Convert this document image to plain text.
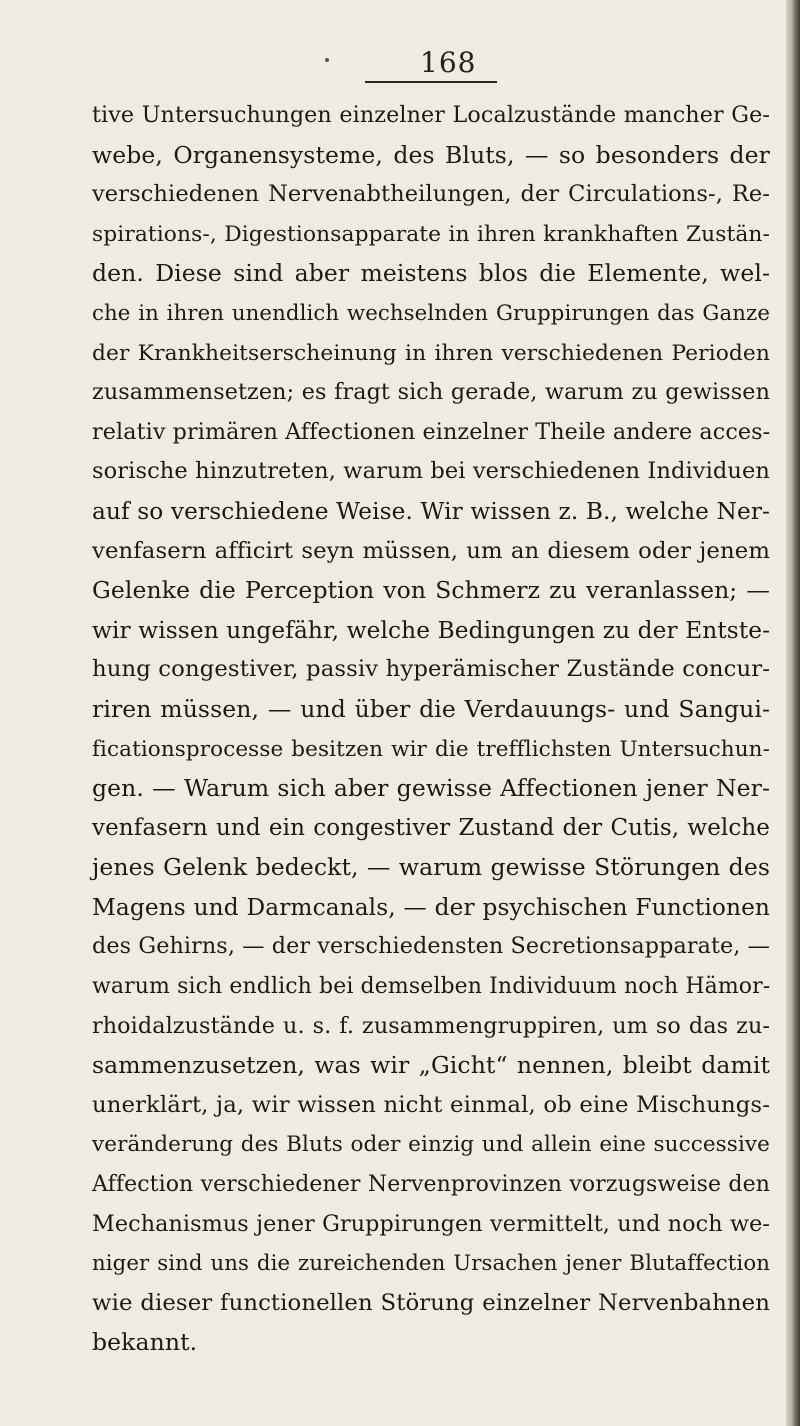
168
tive Untersuchungen einzelner Localzustände mancher Ge-
webe, Organensysteme, des Bluts, — so besonders der
verschiedenen Nervenabtheilungen, der Circulations-, Re-
spirations-, Digestionsapparate in ihren krankhaften Zustän-
den. Diese sind aber meistens blos die Elemente, wel-
che in ihren unendlich wechselnden Gruppirungen das Ganze
der Krankheitserscheinung in ihren verschiedenen Perioden
zusammensetzen; es fragt sich gerade, warum zu gewissen
relativ primären Affectionen einzelner Theile andere acces-
sorische hinzutreten, warum bei verschiedenen Individuen
auf so verschiedene Weise. Wir wissen z. B., welche Ner-
venfasern afficirt seyn müssen, um an diesem oder jenem
Gelenke die Perception von Schmerz zu veranlassen; —
wir wissen ungefähr, welche Bedingungen zu der Entste-
hung congestiver, passiv hyperämischer Zustände concur-
riren müssen, — und über die Verdauungs- und Sangui-
ficationsprocesse besitzen wir die trefflichsten Untersuchun-
gen. — Warum sich aber gewisse Affectionen jener Ner-
venfasern und ein congestiver Zustand der Cutis, welche
jenes Gelenk bedeckt, — warum gewisse Störungen des
Magens und Darmcanals, — der psychischen Functionen
des Gehirns, — der verschiedensten Secretionsapparate, —
warum sich endlich bei demselben Individuum noch Hämor-
rhoidalzustände u. s. f. zusammengruppiren, um so das zu-
sammenzusetzen, was wir „Gicht“ nennen, bleibt damit
unerklärt, ja, wir wissen nicht einmal, ob eine Mischungs-
veränderung des Bluts oder einzig und allein eine successive
Affection verschiedener Nervenprovinzen vorzugsweise den
Mechanismus jener Gruppirungen vermittelt, und noch we-
niger sind uns die zureichenden Ursachen jener Blutaffection
wie dieser functionellen Störung einzelner Nervenbahnen
bekannt.
